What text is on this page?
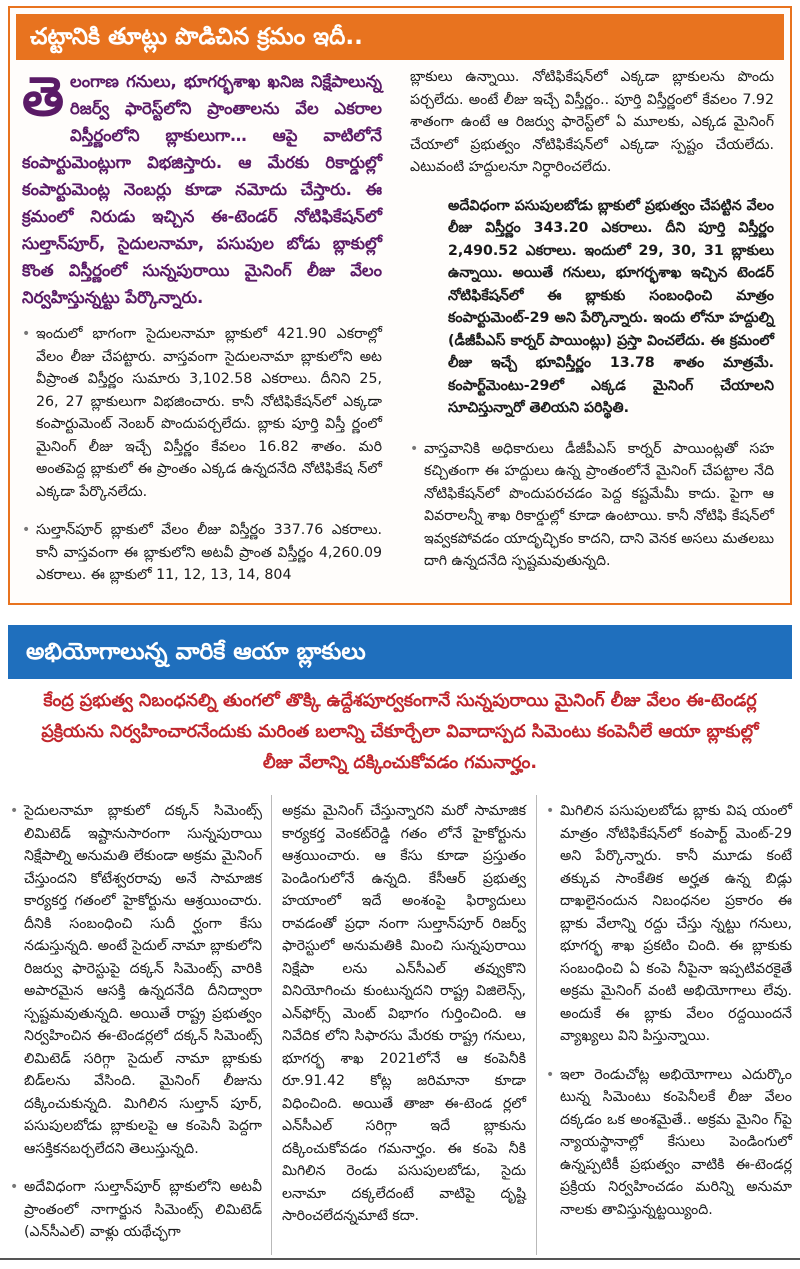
చట్టానికి తూట్లు పొడిచిన క్రమం ఇదీ..
తెలంగాణ గనులు, భూగర్భశాఖ ఖనిజ నిక్షేపాలున్న రిజర్వ్ ఫారెస్ట్‌లోని ప్రాంతాలను వేల ఎకరాల విస్తీర్ణంలోని బ్లాకులుగా… ఆపై వాటిలోనే కంపార్టుమెంట్లుగా విభజిస్తారు. ఆ మేరకు రికార్డుల్లో కంపార్టుమెంట్ల నెంబర్లు కూడా నమోదు చేస్తారు. ఈ క్రమంలో నిరుడు ఇచ్చిన ఈ-టెండర్ నోటిఫికేషన్‌లో సుల్తాన్‌పూర్, సైదులనామా, పసుపుల బోడు బ్లాకుల్లో కొంత విస్తీర్ణంలో సున్నపురాయి మైనింగ్ లీజు వేలం నిర్వహిస్తున్నట్టు పేర్కొన్నారు.
• ఇందులో భాగంగా సైదులనామా బ్లాకులో 421.90 ఎకరాల్లో వేలం లీజు చేపట్టారు. వాస్తవంగా సైదులనామా బ్లాకులోని అట వీప్రాంత విస్తీర్ణం సుమారు 3,102.58 ఎకరాలు. దీనిని 25, 26, 27 బ్లాకులుగా విభజించారు. కానీ నోటిఫికేషన్‌లో ఎక్కడా కంపార్టుమెంట్ నెంబర్ పొందుపర్చలేదు. బ్లాకు పూర్తి విస్తీ ర్ణంలో మైనింగ్ లీజు ఇచ్చే విస్తీర్ణం కేవలం 16.82 శాతం. మరి అంతపెద్ద బ్లాకులో ఈ ప్రాంతం ఎక్కడ ఉన్నదనేది నోటిఫికేష న్‌లో ఎక్కడా పేర్కొనలేదు.
• సుల్తాన్‌పూర్ బ్లాకులో వేలం లీజు విస్తీర్ణం 337.76 ఎకరాలు. కానీ వాస్తవంగా ఈ బ్లాకులోని అటవీ ప్రాంత విస్తీర్ణం 4,260.09 ఎకరాలు. ఈ బ్లాకులో 11, 12, 13, 14, 804
బ్లాకులు ఉన్నాయి. నోటిఫికేషన్‌లో ఎక్కడా బ్లాకులను పొందు పర్చలేదు. అంటే లీజు ఇచ్చే విస్తీర్ణం.. పూర్తి విస్తీర్ణంలో కేవలం 7.92 శాతంగా ఉంటే ఆ రిజర్వు ఫారెస్ట్‌లో ఏ మూలకు, ఎక్కడ మైనింగ్ చేయాలో ప్రభుత్వం నోటిఫికేషన్‌లో ఎక్కడా స్పష్టం చేయలేదు. ఎటువంటి హద్దులనూ నిర్ధారించలేదు.
అదేవిధంగా పసుపులబోడు బ్లాకులో ప్రభుత్వం చేపట్టిన వేలం లీజు విస్తీర్ణం 343.20 ఎకరాలు. దీని పూర్తి విస్తీర్ణం 2,490.52 ఎకరాలు. ఇందులో 29, 30, 31 బ్లాకులు ఉన్నాయి. అయితే గనులు, భూగర్భశాఖ ఇచ్చిన టెండర్ నోటిఫికేషన్‌లో ఈ బ్లాకుకు సంబంధించి మాత్రం కంపార్టుమెంట్-29 అని పేర్కొన్నారు. ఇందు లోనూ హద్దుల్ని (డీజీపీఎస్ కార్నర్ పాయింట్లు) ప్రస్తా వించలేదు. ఈ క్రమంలో లీజు ఇచ్చే భూవిస్తీర్ణం 13.78 శాతం మాత్రమే. కంపార్ట్‌మెంటు-29లో ఎక్కడ మైనింగ్ చేయాలని సూచిస్తున్నారో తెలియని పరిస్థితి.
• వాస్తవానికి అధికారులు డీజీపీఎస్ కార్నర్ పాయింట్లతో సహ కచ్చితంగా ఈ హద్దులు ఉన్న ప్రాంతంలోనే మైనింగ్ చేపట్టాల నేది నోటిఫికేషన్‌లో పొందుపరచడం పెద్ద కష్టమేమీ కాదు. పైగా ఆ వివరాలన్నీ శాఖ రికార్డుల్లో కూడా ఉంటాయి. కానీ నోటిఫి కేషన్‌లో ఇవ్వకపోవడం యాదృచ్ఛికం కాదని, దాని వెనక అసలు మతలబు దాగి ఉన్నదనేది స్పష్టమవుతున్నది.
అభియోగాలున్న వారికే ఆయా బ్లాకులు
కేంద్ర ప్రభుత్వ నిబంధనల్ని తుంగలో తొక్కి ఉద్దేశపూర్వకంగానే సున్నపురాయి మైనింగ్ లీజు వేలం ఈ-టెండర్ల ప్రక్రియను నిర్వహించారనేందుకు మరింత బలాన్ని చేకూర్చేలా వివాదాస్పద సిమెంటు కంపెనీలే ఆయా బ్లాకుల్లో లీజు వేలాన్ని దక్కించుకోవడం గమనార్హం.
• సైదులనామా బ్లాకులో దక్కన్ సిమెంట్స్ లిమిటెడ్ ఇష్టానుసారంగా సున్నపురాయి నిక్షేపాల్ని అనుమతి లేకుండా అక్రమ మైనింగ్ చేస్తుందని కోటేశ్వరరావు అనే సామాజిక కార్యకర్త గతంలో హైకోర్టును ఆశ్రయించారు. దీనికి సంబంధించి సుదీ ర్ఘంగా కేసు నడుస్తున్నది. అంటే సైదుల్ నామా బ్లాకులోని రిజర్వు ఫారెస్టుపై దక్కన్ సిమెంట్స్ వారికి అపారమైన ఆసక్తి ఉన్నదనేది దీనిద్వారా స్పష్టమవుతున్నది. అయితే రాష్ట్ర ప్రభుత్వం నిర్వహించిన ఈ-టెండర్లలో దక్కన్ సిమెంట్స్ లిమిటెడ్ సరిగ్గా సైదుల్ నామా బ్లాకుకు బిడ్‌లను వేసింది. మైనింగ్ లీజును దక్కించుకున్నది. మిగిలిన సుల్తాన్ పూర్, పసుపులబోడు బ్లాకులపై ఆ కంపెనీ పెద్దగా ఆసక్తికనబర్చలేదని తెలుస్తున్నది.
• అదేవిధంగా సుల్తాన్‌పూర్ బ్లాకులోని అటవీ ప్రాంతంలో నాగార్జున సిమెంట్స్ లిమిటెడ్ (ఎన్‌సీఎల్) వాళ్లు యథేచ్ఛగా
అక్రమ మైనింగ్ చేస్తున్నారని మరో సామాజిక కార్యకర్త వెంకట్‌రెడ్డి గతం లోనే హైకోర్టును ఆశ్రయించారు. ఆ కేసు కూడా ప్రస్తుతం పెండింగులోనే ఉన్నది. కేసీఆర్ ప్రభుత్వ హయాంలో ఇదే అంశంపై ఫిర్యాదులు రావడంతో ప్రధా నంగా సుల్తాన్‌పూర్ రిజర్వ్ ఫారెస్టులో అనుమతికి మించి సున్నపురాయి నిక్షేపా లను ఎన్‌సీఎల్ తవ్వుకొని వినియోగించు కుంటున్నదని రాష్ట్ర విజిలెన్స్, ఎన్‌ఫోర్స్ మెంట్ విభాగం గుర్తించింది. ఆ నివేదిక లోని సిఫారసు మేరకు రాష్ట్ర గనులు, భూగర్భ శాఖ 2021లోనే ఆ కంపెనీకి రూ.91.42 కోట్ల జరిమానా కూడా విధించింది. అయితే తాజా ఈ-టెండ ర్లలో ఎన్‌సీఎల్ సరిగ్గా ఇదే బ్లాకును దక్కించుకోవడం గమనార్హం. ఈ కంపె నీకి మిగిలిన రెండు పసుపులబోడు, సైదు లనామా దక్కలేదంటే వాటిపై దృష్టి సారించలేదన్నమాటే కదా.
• మిగిలిన పసుపులబోడు బ్లాకు విష యంలో మాత్రం నోటిఫికేషన్‌లో కంపార్ట్ మెంట్-29 అని పేర్కొన్నారు. కానీ మూడు కంటే తక్కువ సాంకేతిక అర్హత ఉన్న బిడ్లు దాఖలైనందున నిబంధనల ప్రకారం ఈ బ్లాకు వేలాన్ని రద్దు చేస్తు న్నట్టు గనులు, భూగర్భ శాఖ ప్రకటిం చింది. ఈ బ్లాకుకు సంబంధించి ఏ కంపె నీపైనా ఇప్పటివరకైతే అక్రమ మైనింగ్ వంటి అభియోగాలు లేవు. అందుకే ఈ బ్లాకు వేలం రద్దయిందనే వ్యాఖ్యలు విని పిస్తున్నాయి.
• ఇలా రెండుచోట్ల అభియోగాలు ఎదుర్కొం టున్న సిమెంటు కంపెనీలకే లీజు వేలం దక్కడం ఒక అంశమైతే.. అక్రమ మైనిం గ్‌పై న్యాయస్థానాల్లో కేసులు పెండింగులో ఉన్నప్పటికీ ప్రభుత్వం వాటికి ఈ-టెండర్ల ప్రక్రియ నిర్వహించడం మరిన్ని అనుమా నాలకు తావిస్తున్నట్టయ్యింది.
